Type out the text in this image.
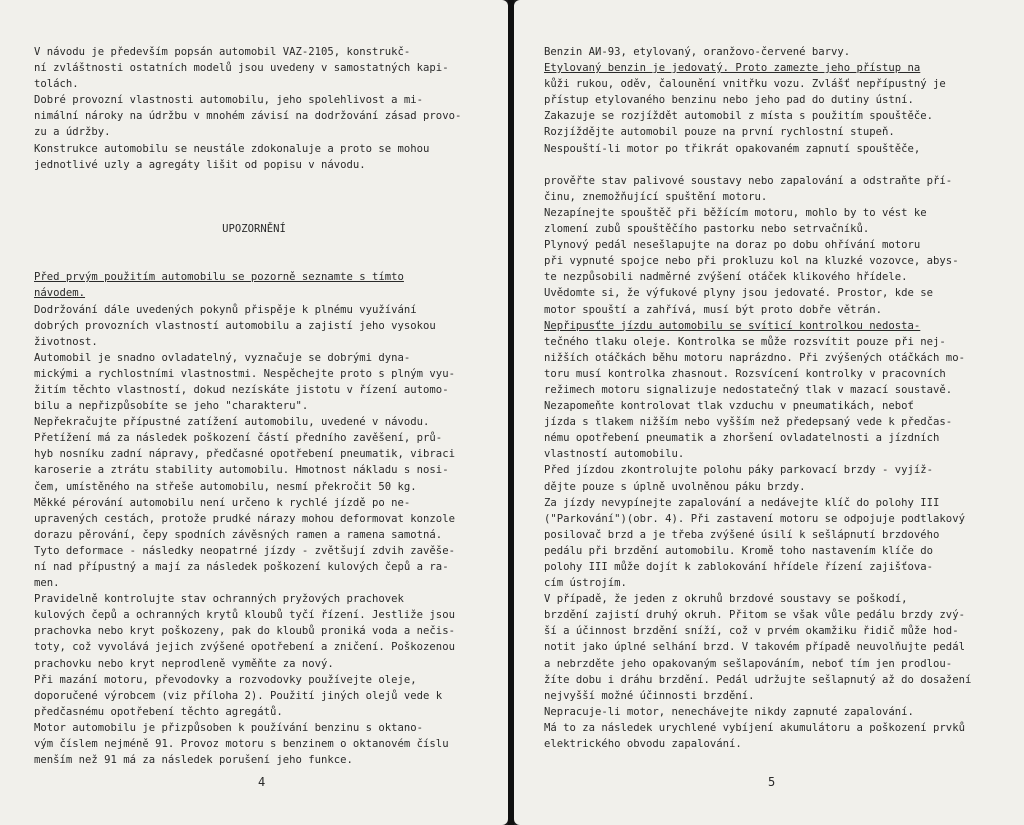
V návodu je především popsán automobil VAZ-2105, konstrukč-
ní zvláštnosti ostatních modelů jsou uvedeny v samostatných kapi-
tolách.
Dobré provozní vlastnosti automobilu, jeho spolehlivost a mi-
nimální nároky na údržbu v mnohém závisí na dodržování zásad provo-
zu a údržby.
Konstrukce automobilu se neustále zdokonaluje a proto se mohou
jednotlivé uzly a agregáty lišit od popisu v návodu.
UPOZORNĚNÍ
Před prvým použitím automobilu se pozorně seznamte s tímto
návodem.
Dodržování dále uvedených pokynů přispěje k plnému využívání
dobrých provozních vlastností automobilu a zajistí jeho vysokou
životnost.
Automobil je snadno ovladatelný, vyznačuje se dobrými dyna-
mickými a rychlostními vlastnostmi. Nespěchejte proto s plným vyu-
žitím těchto vlastností, dokud nezískáte jistotu v řízení automo-
bilu a nepřizpůsobíte se jeho "charakteru".
Nepřekračujte přípustné zatížení automobilu, uvedené v návodu.
Přetížení má za následek poškození částí předního zavěšení, prů-
hyb nosníku zadní nápravy, předčasné opotřebení pneumatik, vibraci
karoserie a ztrátu stability automobilu. Hmotnost nákladu s nosi-
čem, umístěného na střeše automobilu, nesmí překročit 50 kg.
Měkké pérování automobilu není určeno k rychlé jízdě po ne-
upravených cestách, protože prudké nárazy mohou deformovat konzole
dorazu pěrování, čepy spodních závěsných ramen a ramena samotná.
Tyto deformace - následky neopatrné jízdy - zvětšují zdvih zavěše-
ní nad přípustný a mají za následek poškození kulových čepů a ra-
men.
Pravidelně kontrolujte stav ochranných pryžových prachovek
kulových čepů a ochranných krytů kloubů tyčí řízení. Jestliže jsou
prachovka nebo kryt poškozeny, pak do kloubů proniká voda a nečis-
toty, což vyvolává jejich zvýšené opotřebení a zničení. Poškozenou
prachovku nebo kryt neprodleně vyměňte za nový.
Při mazání motoru, převodovky a rozvodovky používejte oleje,
doporučené výrobcem (viz příloha 2). Použití jiných olejů vede k
předčasnému opotřebení těchto agregátů.
Motor automobilu je přizpůsoben k používání benzinu s oktano-
vým číslem nejméně 91. Provoz motoru s benzinem o oktanovém číslu
menším než 91 má za následek porušení jeho funkce.
4
Benzin АИ-93, etylovaný, oranžovo-červené barvy.
Etylovaný benzin je jedovatý. Proto zamezte jeho přístup na
kůži rukou, oděv, čalounění vnitřku vozu. Zvlášť nepřípustný je
přístup etylovaného benzinu nebo jeho pad do dutiny ústní.
Zakazuje se rozjíždět automobil z místa s použitím spouštěče.
Rozjíždějte automobil pouze na první rychlostní stupeň.
Nespouští-li motor po třikrát opakovaném zapnutí spouštěče,
prověřte stav palivové soustavy nebo zapalování a odstraňte pří-
činu, znemožňující spuštění motoru.
Nezapínejte spouštěč při běžícím motoru, mohlo by to vést ke
zlomení zubů spouštěčího pastorku nebo setrvačníků.
Plynový pedál nesešlapujte na doraz po dobu ohřívání motoru
při vypnuté spojce nebo při prokluzu kol na kluzké vozovce, abys-
te nezpůsobili nadměrné zvýšení otáček klikového hřídele.
Uvědomte si, že výfukové plyny jsou jedovaté. Prostor, kde se
motor spouští a zahřívá, musí být proto dobře větrán.
Nepřipusťte jízdu automobilu se svíticí kontrolkou nedosta-
tečného tlaku oleje. Kontrolka se může rozsvítit pouze při nej-
nižších otáčkách běhu motoru naprázdno. Při zvýšených otáčkách mo-
toru musí kontrolka zhasnout. Rozsvícení kontrolky v pracovních
režimech motoru signalizuje nedostatečný tlak v mazací soustavě.
Nezapomeňte kontrolovat tlak vzduchu v pneumatikách, neboť
jízda s tlakem nižším nebo vyšším než předepsaný vede k předčas-
nému opotřebení pneumatik a zhoršení ovladatelnosti a jízdních
vlastností automobilu.
Před jízdou zkontrolujte polohu páky parkovací brzdy - vyjíž-
dějte pouze s úplně uvolněnou páku brzdy.
Za jízdy nevypínejte zapalování a nedávejte klíč do polohy III
("Parkování")(obr. 4). Při zastavení motoru se odpojuje podtlakový
posilovač brzd a je třeba zvýšené úsilí k sešlápnutí brzdového
pedálu při brzdění automobilu. Kromě toho nastavením klíče do
polohy III může dojít k zablokování hřídele řízení zajišťova-
cím ústrojím.
V případě, že jeden z okruhů brzdové soustavy se poškodí,
brzdění zajistí druhý okruh. Přitom se však vůle pedálu brzdy zvý-
ší a účinnost brzdění sníží, což v prvém okamžiku řidič může hod-
notit jako úplné selhání brzd. V takovém případě neuvolňujte pedál
a nebrzděte jeho opakovaným sešlapováním, neboť tím jen prodlou-
žíte dobu i dráhu brzdění. Pedál udržujte sešlapnutý až do dosažení
nejvyšší možné účinnosti brzdění.
Nepracuje-li motor, nenechávejte nikdy zapnuté zapalování.
Má to za následek urychlené vybíjení akumulátoru a poškození prvků
elektrického obvodu zapalování.
5
